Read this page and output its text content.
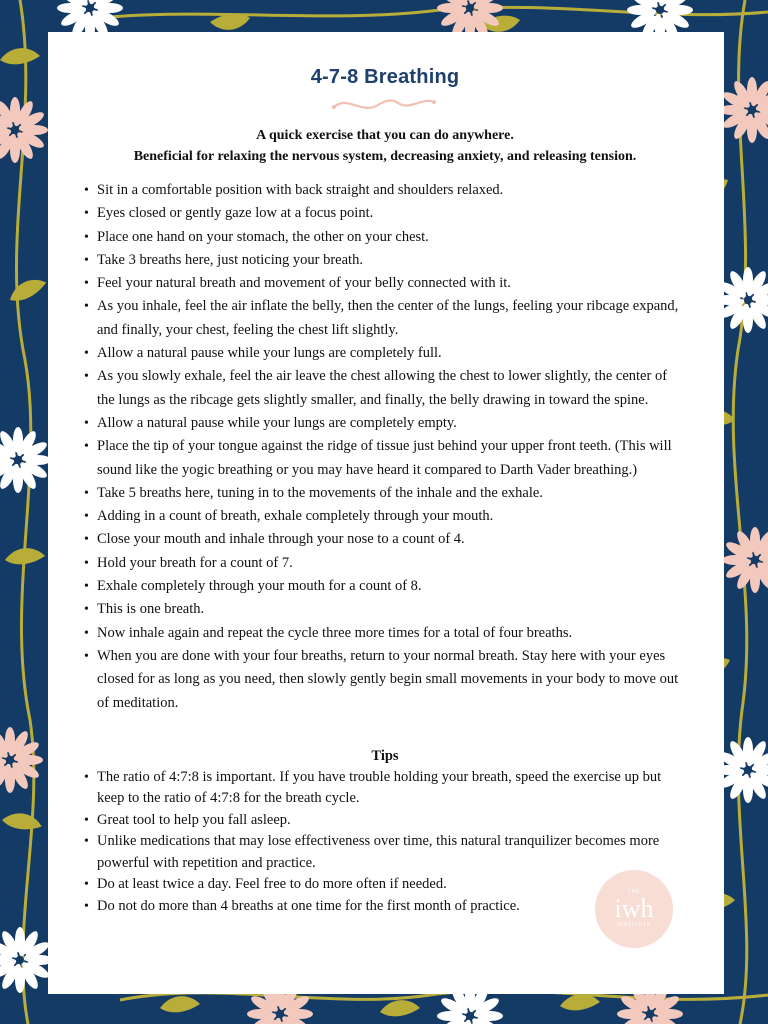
4-7-8 Breathing

A quick exercise that you can do anywhere.
Beneficial for relaxing the nervous system, decreasing anxiety, and releasing tension.

• Sit in a comfortable position with back straight and shoulders relaxed.
• Eyes closed or gently gaze low at a focus point.
• Place one hand on your stomach, the other on your chest.
• Take 3 breaths here, just noticing your breath.
• Feel your natural breath and movement of your belly connected with it.
• As you inhale, feel the air inflate the belly, then the center of the lungs, feeling your ribcage expand, and finally, your chest, feeling the chest lift slightly.
• Allow a natural pause while your lungs are completely full.
• As you slowly exhale, feel the air leave the chest allowing the chest to lower slightly, the center of the lungs as the ribcage gets slightly smaller, and finally, the belly drawing in toward the spine.
• Allow a natural pause while your lungs are completely empty.
• Place the tip of your tongue against the ridge of tissue just behind your upper front teeth. (This will sound like the yogic breathing or you may have heard it compared to Darth Vader breathing.)
• Take 5 breaths here, tuning in to the movements of the inhale and the exhale.
• Adding in a count of breath, exhale completely through your mouth.
• Close your mouth and inhale through your nose to a count of 4.
• Hold your breath for a count of 7.
• Exhale completely through your mouth for a count of 8.
• This is one breath.
• Now inhale again and repeat the cycle three more times for a total of four breaths.
• When you are done with your four breaths, return to your normal breath. Stay here with your eyes closed for as long as you need, then slowly gently begin small movements in your body to move out of meditation.

Tips

• The ratio of 4:7:8 is important. If you have trouble holding your breath, speed the exercise up but keep to the ratio of 4:7:8 for the breath cycle.
• Great tool to help you fall asleep.
• Unlike medications that may lose effectiveness over time, this natural tranquilizer becomes more powerful with repetition and practice.
• Do at least twice a day. Feel free to do more often if needed.
• Do not do more than 4 breaths at one time for the first month of practice.
THE
iwh
INSTITUTE
